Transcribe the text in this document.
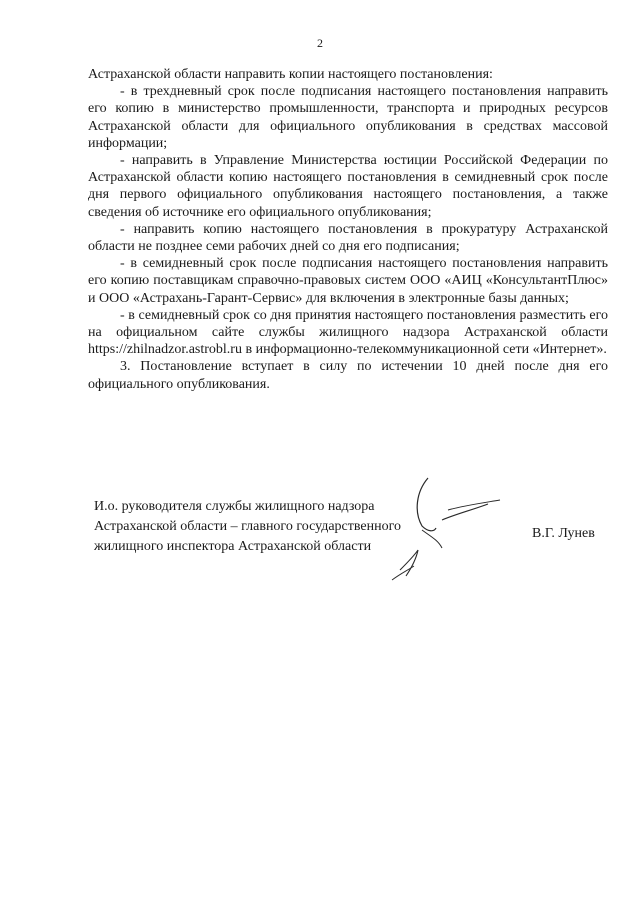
2

Астраханской области направить копии настоящего постановления:

- в трехдневный срок после подписания настоящего постановления направить его копию в министерство промышленности, транспорта и природных ресурсов Астраханской области для официального опубликования в средствах массовой информации;

- направить в Управление Министерства юстиции Российской Федерации по Астраханской области копию настоящего постановления в семидневный срок после дня первого официального опубликования настоящего постановления, а также сведения об источнике его официального опубликования;

- направить копию настоящего постановления в прокуратуру Астраханской области не позднее семи рабочих дней со дня его подписания;

- в семидневный срок после подписания настоящего постановления направить его копию поставщикам справочно-правовых систем ООО «АИЦ «КонсультантПлюс» и ООО «Астрахань-Гарант-Сервис» для включения в электронные базы данных;

- в семидневный срок со дня принятия настоящего постановления разместить его на официальном сайте службы жилищного надзора Астраханской области https://zhilnadzor.astrobl.ru в информационно-телекоммуникационной сети «Интернет».

3. Постановление вступает в силу по истечении 10 дней после дня его официального опубликования.

И.о. руководителя службы жилищного надзора

Астраханской области – главного государственного

жилищного инспектора Астраханской области

В.Г. Лунев
